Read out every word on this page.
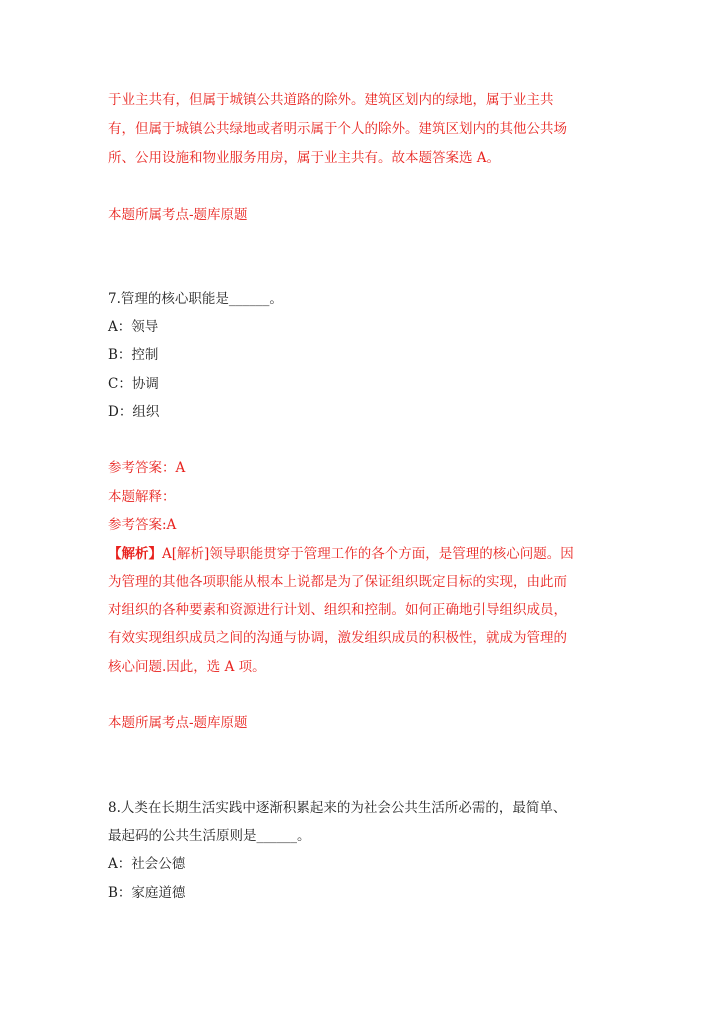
于业主共有，但属于城镇公共道路的除外。建筑区划内的绿地，属于业主共
有，但属于城镇公共绿地或者明示属于个人的除外。建筑区划内的其他公共场
所、公用设施和物业服务用房，属于业主共有。故本题答案选 A。
本题所属考点-题库原题
7.管理的核心职能是______。
A：领导
B：控制
C：协调
D：组织
参考答案：A
本题解释：
参考答案:A
【解析】A[解析]领导职能贯穿于管理工作的各个方面，是管理的核心问题。因
为管理的其他各项职能从根本上说都是为了保证组织既定目标的实现，由此而
对组织的各种要素和资源进行计划、组织和控制。如何正确地引导组织成员，
有效实现组织成员之间的沟通与协调，激发组织成员的积极性，就成为管理的
核心问题.因此，选 A 项。
本题所属考点-题库原题
8.人类在长期生活实践中逐渐积累起来的为社会公共生活所必需的，最简单、
最起码的公共生活原则是______。
A：社会公德
B：家庭道德
